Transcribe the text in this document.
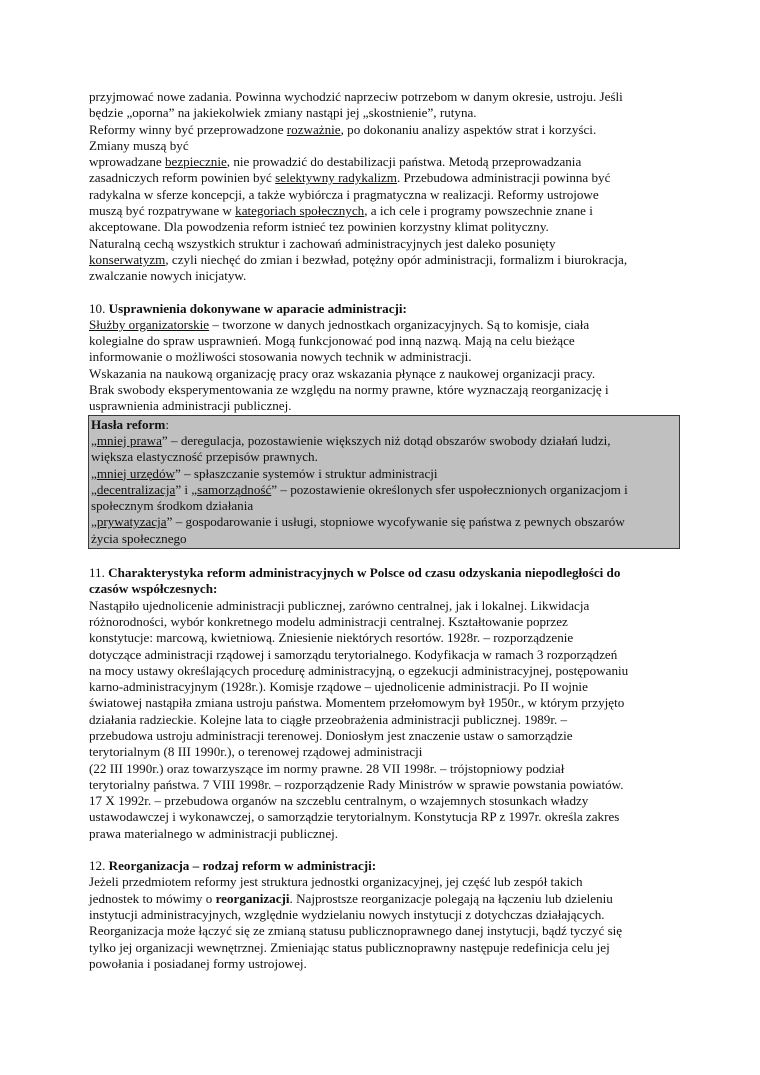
przyjmować nowe zadania. Powinna wychodzić naprzeciw potrzebom w danym okresie, ustroju. Jeśli

będzie „oporna” na jakiekolwiek zmiany nastąpi jej „skostnienie”, rutyna.

Reformy winny być przeprowadzone rozważnie, po dokonaniu analizy aspektów strat i korzyści.

Zmiany muszą być

wprowadzane bezpiecznie, nie prowadzić do destabilizacji państwa. Metodą przeprowadzania

zasadniczych reform powinien być selektywny radykalizm. Przebudowa administracji powinna być

radykalna w sferze koncepcji, a także wybiórcza i pragmatyczna w realizacji. Reformy ustrojowe

muszą być rozpatrywane w kategoriach społecznych, a ich cele i programy powszechnie znane i

akceptowane. Dla powodzenia reform istnieć tez powinien korzystny klimat polityczny.

Naturalną cechą wszystkich struktur i zachowań administracyjnych jest daleko posunięty

konserwatyzm, czyli niechęć do zmian i bezwład, potężny opór administracji, formalizm i biurokracja,

zwalczanie nowych inicjatyw.

10. Usprawnienia dokonywane w aparacie administracji:

Służby organizatorskie – tworzone w danych jednostkach organizacyjnych. Są to komisje, ciała

kolegialne do spraw usprawnień. Mogą funkcjonować pod inną nazwą. Mają na celu bieżące

informowanie o możliwości stosowania nowych technik w administracji.

Wskazania na naukową organizację pracy oraz wskazania płynące z naukowej organizacji pracy.

Brak swobody eksperymentowania ze względu na normy prawne, które wyznaczają reorganizację i

usprawnienia administracji publicznej.

Hasła reform:

„mniej prawa” – deregulacja, pozostawienie większych niż dotąd obszarów swobody działań ludzi,

większa elastyczność przepisów prawnych.

„mniej urzędów” – spłaszczanie systemów i struktur administracji

„decentralizacja” i „samorządność” – pozostawienie określonych sfer uspołecznionych organizacjom i

społecznym środkom działania

„prywatyzacja” – gospodarowanie i usługi, stopniowe wycofywanie się państwa z pewnych obszarów

życia społecznego

11. Charakterystyka reform administracyjnych w Polsce od czasu odzyskania niepodległości do

czasów współczesnych:

Nastąpiło ujednolicenie administracji publicznej, zarówno centralnej, jak i lokalnej. Likwidacja

różnorodności, wybór konkretnego modelu administracji centralnej. Kształtowanie poprzez

konstytucje: marcową, kwietniową. Zniesienie niektórych resortów. 1928r. – rozporządzenie

dotyczące administracji rządowej i samorządu terytorialnego. Kodyfikacja w ramach 3 rozporządzeń

na mocy ustawy określających procedurę administracyjną, o egzekucji administracyjnej, postępowaniu

karno-administracyjnym (1928r.). Komisje rządowe – ujednolicenie administracji. Po II wojnie

światowej nastąpiła zmiana ustroju państwa. Momentem przełomowym był 1950r., w którym przyjęto

działania radzieckie. Kolejne lata to ciągłe przeobrażenia administracji publicznej. 1989r. –

przebudowa ustroju administracji terenowej. Doniosłym jest znaczenie ustaw o samorządzie

terytorialnym (8 III 1990r.), o terenowej rządowej administracji

(22 III 1990r.) oraz towarzyszące im normy prawne. 28 VII 1998r. – trójstopniowy podział

terytorialny państwa. 7 VIII 1998r. – rozporządzenie Rady Ministrów w sprawie powstania powiatów.

17 X 1992r. – przebudowa organów na szczeblu centralnym, o wzajemnych stosunkach władzy

ustawodawczej i wykonawczej, o samorządzie terytorialnym. Konstytucja RP z 1997r. określa zakres

prawa materialnego w administracji publicznej.

12. Reorganizacja – rodzaj reform w administracji:

Jeżeli przedmiotem reformy jest struktura jednostki organizacyjnej, jej część lub zespół takich

jednostek to mówimy o reorganizacji. Najprostsze reorganizacje polegają na łączeniu lub dzieleniu

instytucji administracyjnych, względnie wydzielaniu nowych instytucji z dotychczas działających.

Reorganizacja może łączyć się ze zmianą statusu publicznoprawnego danej instytucji, bądź tyczyć się

tylko jej organizacji wewnętrznej. Zmieniając status publicznoprawny następuje redefinicja celu jej

powołania i posiadanej formy ustrojowej.
